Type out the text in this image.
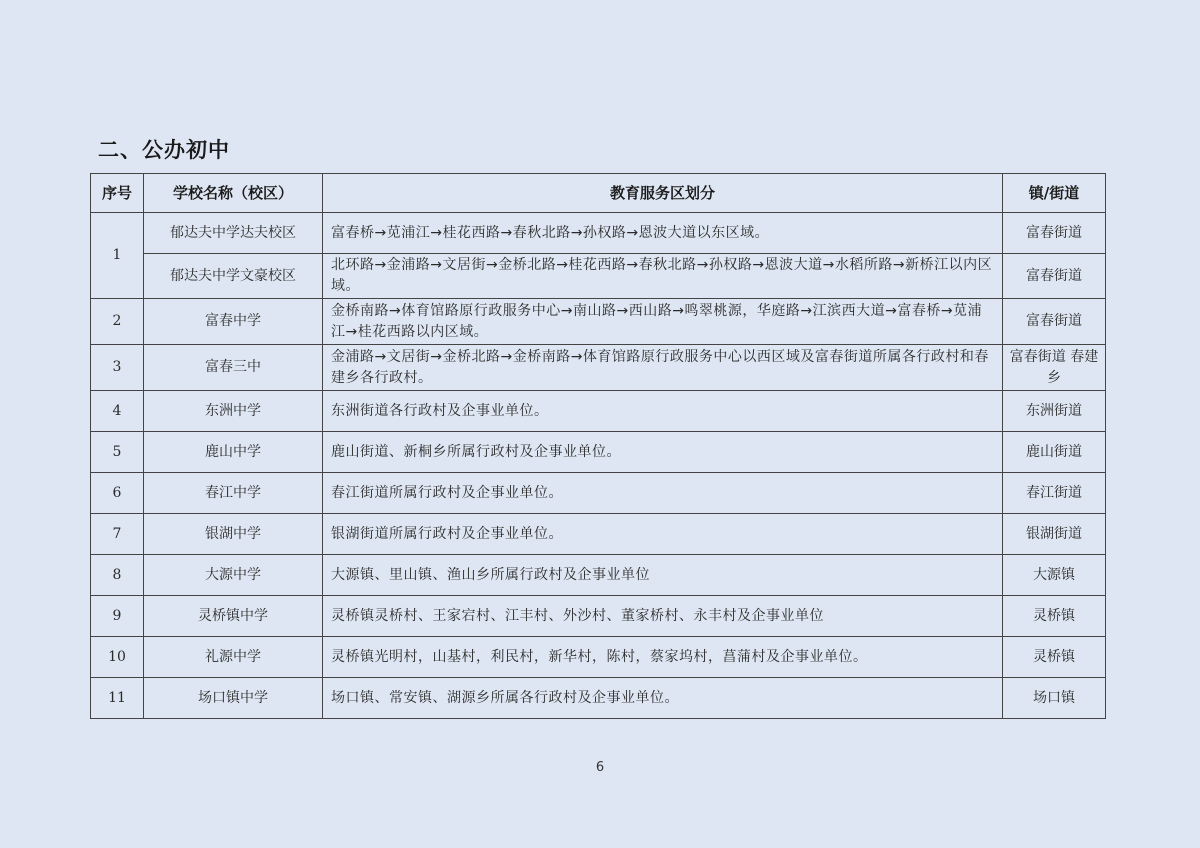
二、公办初中
序号	学校名称（校区）	教育服务区划分	镇/街道
1	郁达夫中学达夫校区	富春桥→苋浦江→桂花西路→春秋北路→孙权路→恩波大道以东区域。	富春街道
	郁达夫中学文豪校区	北环路→金浦路→文居街→金桥北路→桂花西路→春秋北路→孙权路→恩波大道→水稻所路→新桥江以内区域。	富春街道
2	富春中学	金桥南路→体育馆路原行政服务中心→南山路→西山路→鸣翠桃源，华庭路→江滨西大道→富春桥→苋浦江→桂花西路以内区域。	富春街道
3	富春三中	金浦路→文居街→金桥北路→金桥南路→体育馆路原行政服务中心以西区域及富春街道所属各行政村和春建乡各行政村。	富春街道 春建乡
4	东洲中学	东洲街道各行政村及企事业单位。	东洲街道
5	鹿山中学	鹿山街道、新桐乡所属行政村及企事业单位。	鹿山街道
6	春江中学	春江街道所属行政村及企事业单位。	春江街道
7	银湖中学	银湖街道所属行政村及企事业单位。	银湖街道
8	大源中学	大源镇、里山镇、渔山乡所属行政村及企事业单位	大源镇
9	灵桥镇中学	灵桥镇灵桥村、王家宕村、江丰村、外沙村、董家桥村、永丰村及企事业单位	灵桥镇
10	礼源中学	灵桥镇光明村，山基村，利民村，新华村，陈村，蔡家坞村，菖蒲村及企事业单位。	灵桥镇
11	场口镇中学	场口镇、常安镇、湖源乡所属各行政村及企事业单位。	场口镇
6
